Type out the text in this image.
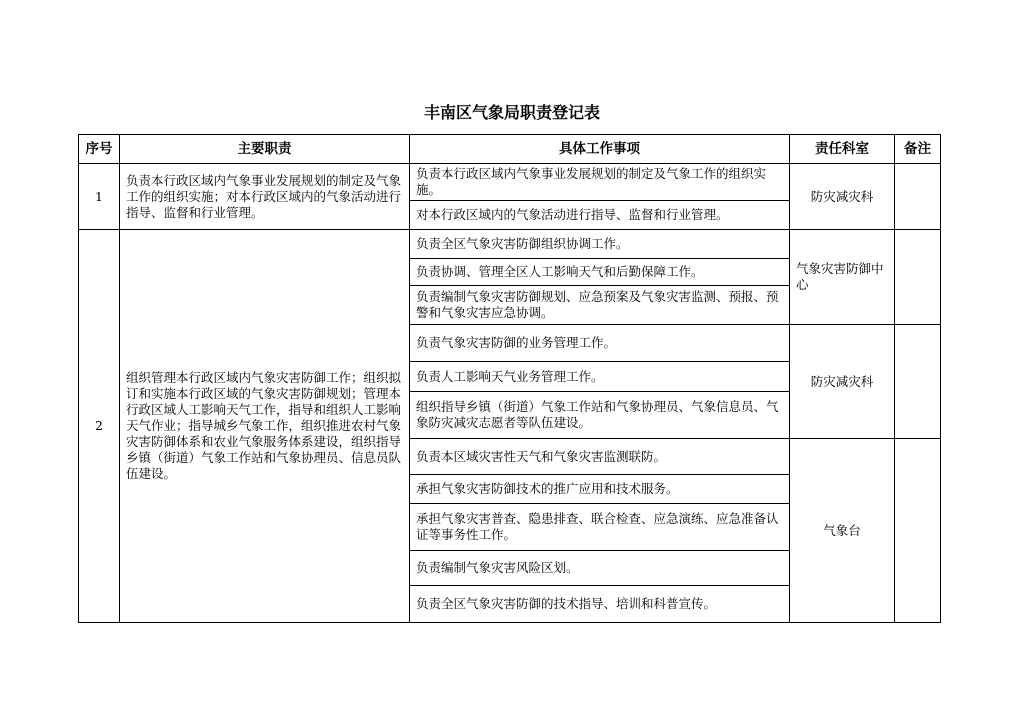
丰南区气象局职责登记表
序号	主要职责	具体工作事项	责任科室	备注
1	负责本行政区域内气象事业发展规划的制定及气象工作的组织实施；对本行政区域内的气象活动进行指导、监督和行业管理。	负责本行政区域内气象事业发展规划的制定及气象工作的组织实施。	防灾减灾科	
		对本行政区域内的气象活动进行指导、监督和行业管理。		
2	组织管理本行政区域内气象灾害防御工作；组织拟订和实施本行政区域的气象灾害防御规划；管理本行政区域人工影响天气工作，指导和组织人工影响天气作业；指导城乡气象工作，组织推进农村气象灾害防御体系和农业气象服务体系建设，组织指导乡镇（街道）气象工作站和气象协理员、信息员队伍建设。	负责全区气象灾害防御组织协调工作。	气象灾害防御中心	
		负责协调、管理全区人工影响天气和后勤保障工作。		
		负责编制气象灾害防御规划、应急预案及气象灾害监测、预报、预警和气象灾害应急协调。		
		负责气象灾害防御的业务管理工作。	防灾减灾科	
		负责人工影响天气业务管理工作。		
		组织指导乡镇（街道）气象工作站和气象协理员、气象信息员、气象防灾减灾志愿者等队伍建设。		
		负责本区域灾害性天气和气象灾害监测联防。	气象台	
		承担气象灾害防御技术的推广应用和技术服务。		
		承担气象灾害普查、隐患排查、联合检查、应急演练、应急准备认证等事务性工作。		
		负责编制气象灾害风险区划。		
		负责全区气象灾害防御的技术指导、培训和科普宣传。		
